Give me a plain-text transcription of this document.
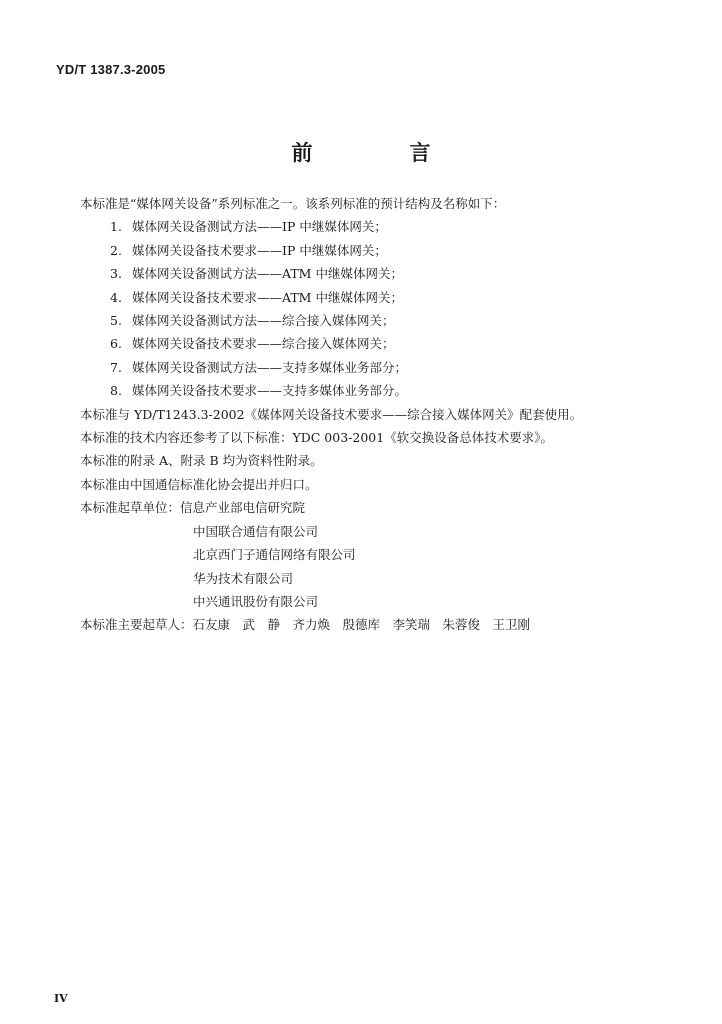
YD/T 1387.3-2005
前　言
本标准是“媒体网关设备”系列标准之一。该系列标准的预计结构及名称如下：
1. 媒体网关设备测试方法——IP 中继媒体网关；
2. 媒体网关设备技术要求——IP 中继媒体网关；
3. 媒体网关设备测试方法——ATM 中继媒体网关；
4. 媒体网关设备技术要求——ATM 中继媒体网关；
5. 媒体网关设备测试方法——综合接入媒体网关；
6. 媒体网关设备技术要求——综合接入媒体网关；
7. 媒体网关设备测试方法——支持多媒体业务部分；
8. 媒体网关设备技术要求——支持多媒体业务部分。
本标准与 YD/T1243.3-2002《媒体网关设备技术要求——综合接入媒体网关》配套使用。
本标准的技术内容还参考了以下标准：YDC 003-2001《软交换设备总体技术要求》。
本标准的附录 A、附录 B 均为资料性附录。
本标准由中国通信标准化协会提出并归口。
本标准起草单位：信息产业部电信研究院
中国联合通信有限公司
北京西门子通信网络有限公司
华为技术有限公司
中兴通讯股份有限公司
本标准主要起草人：石友康　武　静　齐力焕　殷德库　李笑瑞　朱蓉俊　王卫刚
IV
